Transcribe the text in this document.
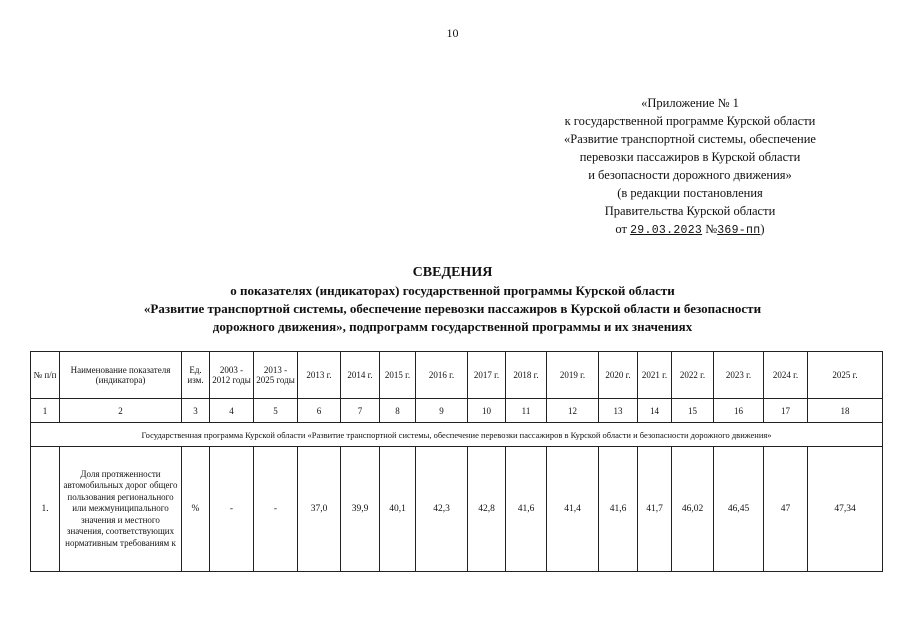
10
«Приложение № 1
к государственной программе Курской области
«Развитие транспортной системы, обеспечение
перевозки пассажиров в Курской области
и безопасности дорожного движения»
(в редакции постановления
Правительства Курской области
от 29.03.2023 №369-пп)
СВЕДЕНИЯ
о показателях (индикаторах) государственной программы Курской области
«Развитие транспортной системы, обеспечение перевозки пассажиров в Курской области и безопасности
дорожного движения», подпрограмм государственной программы и их значениях
№ п/п	Наименование показателя (индикатора)	Ед. изм.	2003 - 2012 годы	2013 - 2025 годы	2013 г.	2014 г.	2015 г.	2016 г.	2017 г.	2018 г.	2019 г.	2020 г.	2021 г.	2022 г.	2023 г.	2024 г.	2025 г.
1	2	3	4	5	6	7	8	9	10	11	12	13	14	15	16	17	18
Государственная программа Курской области «Развитие транспортной системы, обеспечение перевозки пассажиров в Курской области и безопасности дорожного движения»																	
1.	Доля протяженности автомобильных дорог общего пользования регионального или межмуниципального значения и местного значения, соответствующих нормативным требованиям к	%	-	-	37,0	39,9	40,1	42,3	42,8	41,6	41,4	41,6	41,7	46,02	46,45	47	47,34
